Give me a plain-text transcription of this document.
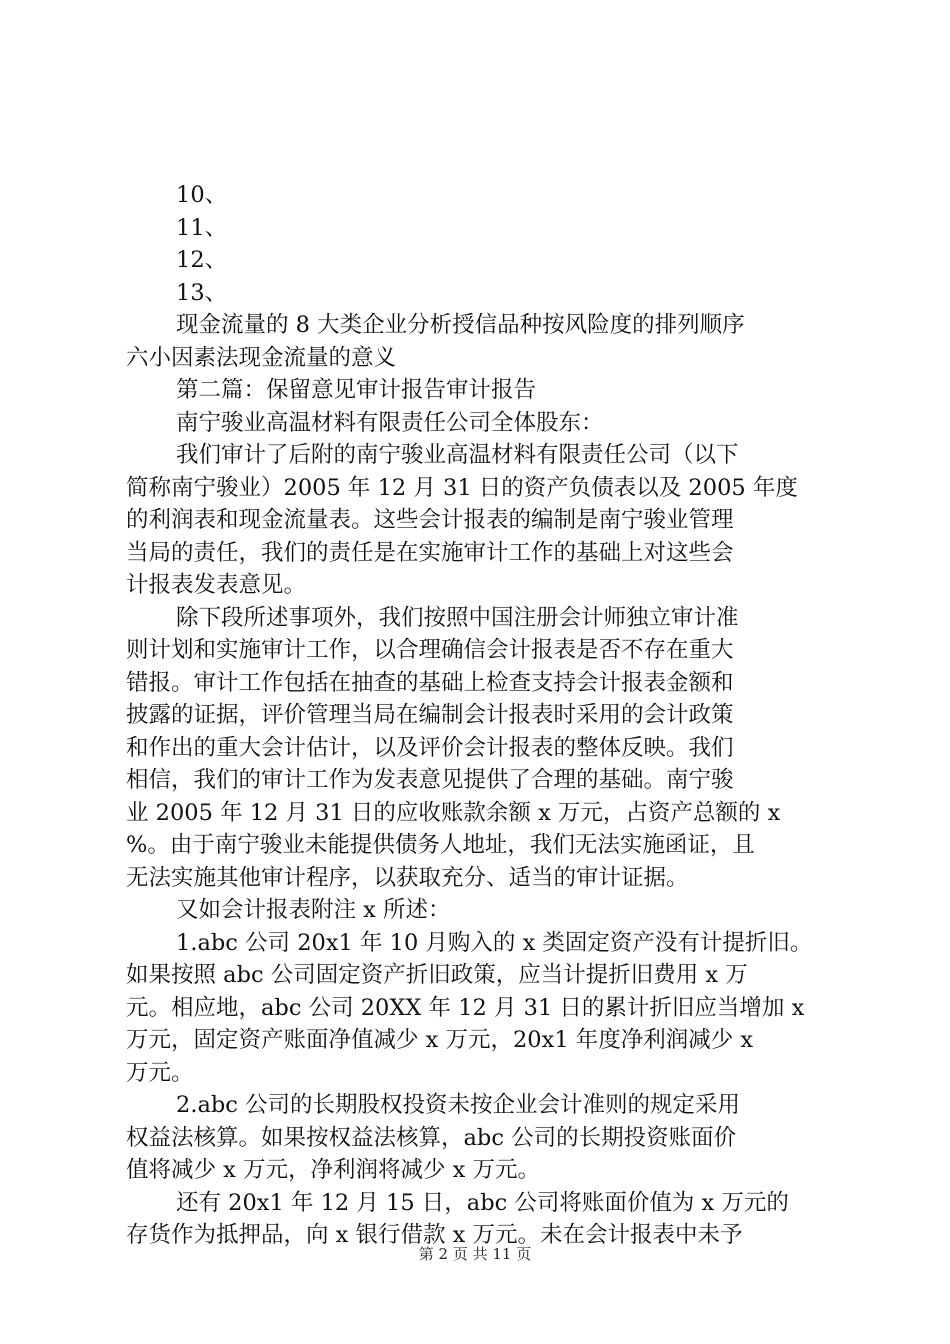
10、
11、
12、
13、
现金流量的 8 大类企业分析授信品种按风险度的排列顺序
六小因素法现金流量的意义
第二篇：保留意见审计报告审计报告
南宁骏业高温材料有限责任公司全体股东：
我们审计了后附的南宁骏业高温材料有限责任公司（以下
简称南宁骏业）2005 年 12 月 31 日的资产负债表以及 2005 年度
的利润表和现金流量表。这些会计报表的编制是南宁骏业管理
当局的责任，我们的责任是在实施审计工作的基础上对这些会
计报表发表意见。
除下段所述事项外，我们按照中国注册会计师独立审计准
则计划和实施审计工作，以合理确信会计报表是否不存在重大
错报。审计工作包括在抽查的基础上检查支持会计报表金额和
披露的证据，评价管理当局在编制会计报表时采用的会计政策
和作出的重大会计估计，以及评价会计报表的整体反映。我们
相信，我们的审计工作为发表意见提供了合理的基础。南宁骏
业 2005 年 12 月 31 日的应收账款余额 x 万元，占资产总额的 x
%。由于南宁骏业未能提供债务人地址，我们无法实施函证，且
无法实施其他审计程序，以获取充分、适当的审计证据。
又如会计报表附注 x 所述：
1.abc 公司 20x1 年 10 月购入的 x 类固定资产没有计提折旧。
如果按照 abc 公司固定资产折旧政策，应当计提折旧费用 x 万
元。相应地，abc 公司 20XX 年 12 月 31 日的累计折旧应当增加 x
万元，固定资产账面净值减少 x 万元，20x1 年度净利润减少 x
万元。
2.abc 公司的长期股权投资未按企业会计准则的规定采用
权益法核算。如果按权益法核算，abc 公司的长期投资账面价
值将减少 x 万元，净利润将减少 x 万元。
还有 20x1 年 12 月 15 日，abc 公司将账面价值为 x 万元的
存货作为抵押品，向 x 银行借款 x 万元。未在会计报表中未予
第 2 页 共 11 页
